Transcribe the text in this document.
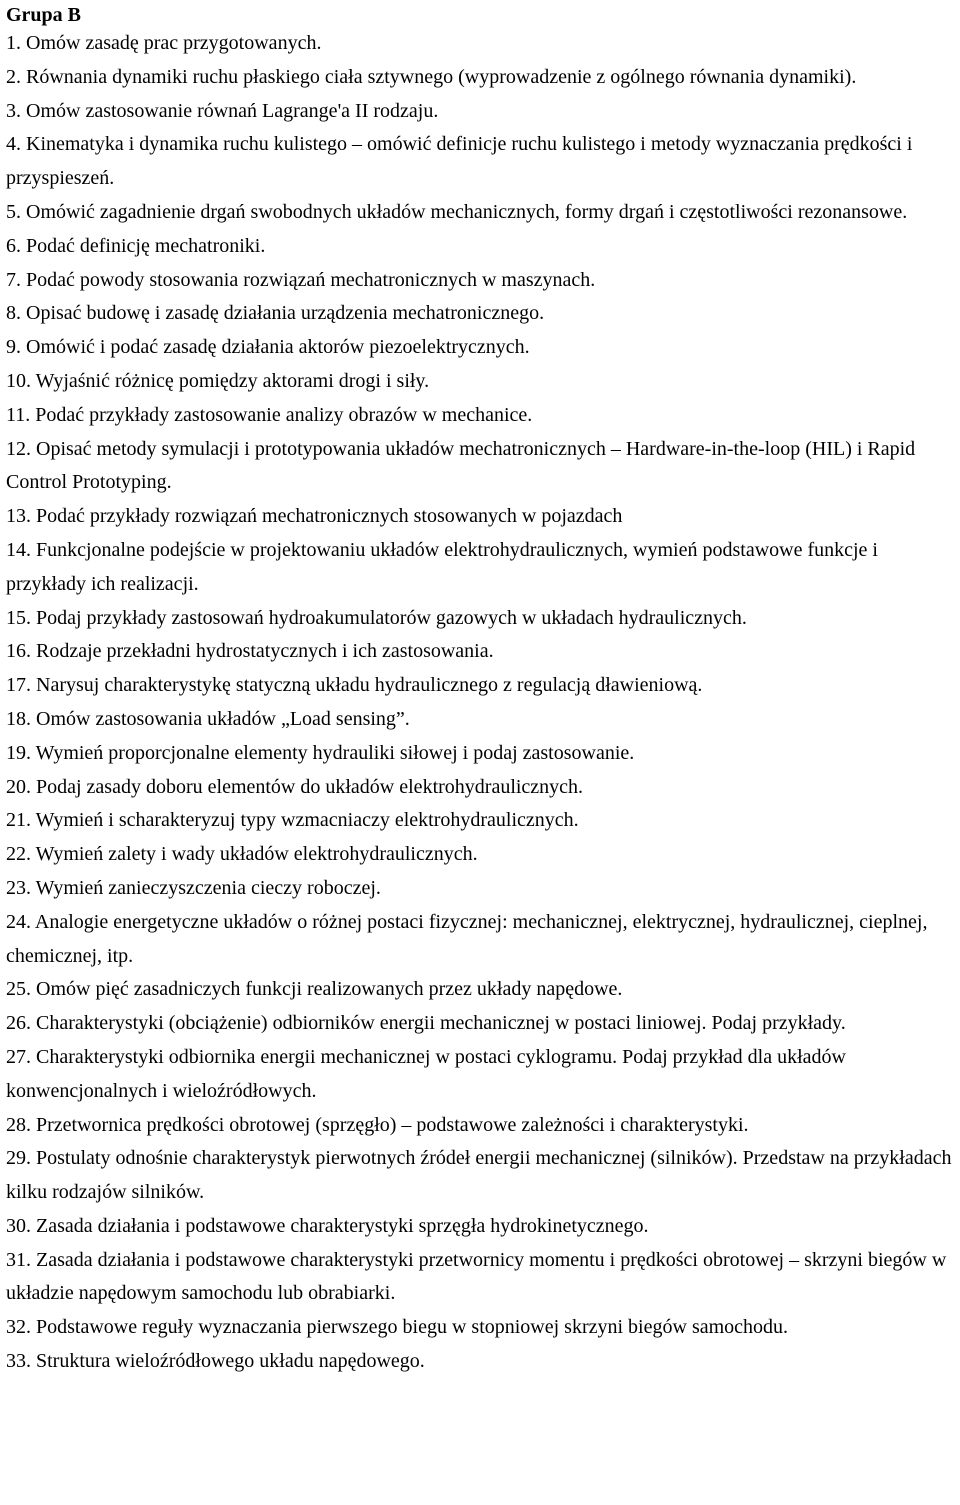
Grupa B
1. Omów zasadę prac przygotowanych.
2. Równania dynamiki ruchu płaskiego ciała sztywnego (wyprowadzenie z ogólnego równania dynamiki).
3. Omów zastosowanie równań Lagrange'a II rodzaju.
4. Kinematyka i dynamika ruchu kulistego – omówić definicje ruchu kulistego i metody wyznaczania prędkości i przyspieszeń.
5. Omówić zagadnienie drgań swobodnych układów mechanicznych, formy drgań i częstotliwości rezonansowe.
6. Podać definicję mechatroniki.
7. Podać powody stosowania rozwiązań mechatronicznych w maszynach.
8. Opisać budowę i zasadę działania urządzenia mechatronicznego.
9. Omówić i podać zasadę działania aktorów piezoelektrycznych.
10. Wyjaśnić różnicę pomiędzy aktorami drogi i siły.
11. Podać przykłady zastosowanie analizy obrazów w mechanice.
12. Opisać metody symulacji i prototypowania układów mechatronicznych – Hardware-in-the-loop (HIL) i Rapid Control Prototyping.
13. Podać przykłady rozwiązań mechatronicznych stosowanych w pojazdach
14. Funkcjonalne podejście w projektowaniu układów elektrohydraulicznych, wymień podstawowe funkcje i przykłady ich realizacji.
15. Podaj przykłady zastosowań hydroakumulatorów gazowych w układach hydraulicznych.
16. Rodzaje przekładni hydrostatycznych i ich zastosowania.
17. Narysuj charakterystykę statyczną układu hydraulicznego z regulacją dławieniową.
18. Omów zastosowania układów „Load sensing”.
19. Wymień proporcjonalne elementy hydrauliki siłowej i podaj zastosowanie.
20. Podaj zasady doboru elementów do układów elektrohydraulicznych.
21. Wymień i scharakteryzuj typy wzmacniaczy elektrohydraulicznych.
22. Wymień zalety i wady układów elektrohydraulicznych.
23. Wymień zanieczyszczenia cieczy roboczej.
24. Analogie energetyczne układów o różnej postaci fizycznej: mechanicznej, elektrycznej, hydraulicznej, cieplnej, chemicznej, itp.
25. Omów pięć zasadniczych funkcji realizowanych przez układy napędowe.
26. Charakterystyki (obciążenie) odbiorników energii mechanicznej w postaci liniowej. Podaj przykłady.
27. Charakterystyki odbiornika energii mechanicznej w postaci cyklogramu. Podaj przykład dla układów konwencjonalnych i wieloźródłowych.
28. Przetwornica prędkości obrotowej (sprzęgło) – podstawowe zależności i charakterystyki.
29. Postulaty odnośnie charakterystyk pierwotnych źródeł energii mechanicznej (silników). Przedstaw na przykładach kilku rodzajów silników.
30. Zasada działania i podstawowe charakterystyki sprzęgła hydrokinetycznego.
31. Zasada działania i podstawowe charakterystyki przetwornicy momentu i prędkości obrotowej – skrzyni biegów w układzie napędowym samochodu lub obrabiarki.
32. Podstawowe reguły wyznaczania pierwszego biegu w stopniowej skrzyni biegów samochodu.
33. Struktura wieloźródłowego układu napędowego.
